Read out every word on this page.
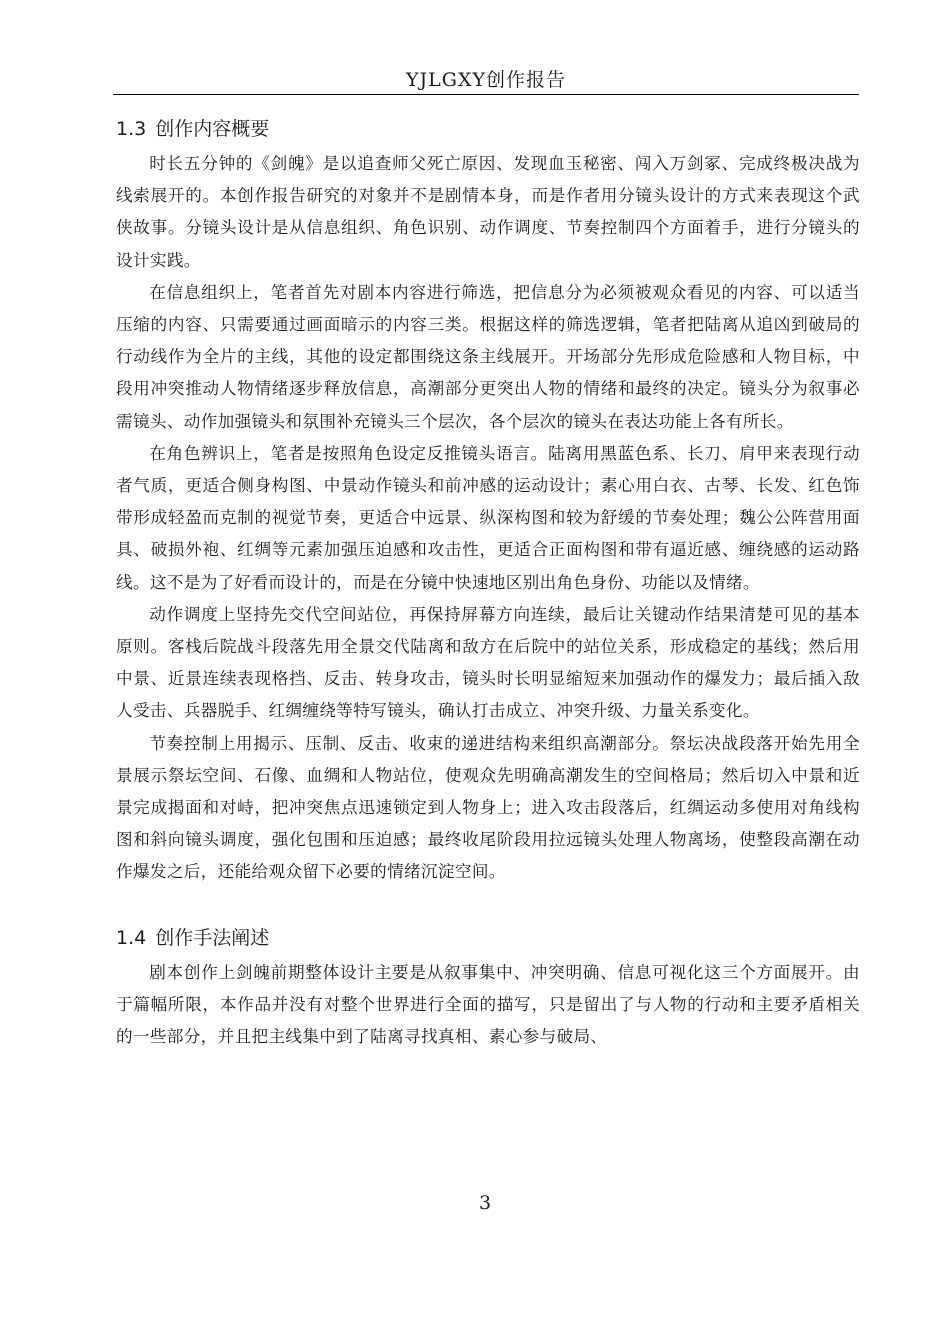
YJLGXY创作报告
1.3 创作内容概要

时长五分钟的《剑魄》是以追查师父死亡原因、发现血玉秘密、闯入万剑冢、完成终极决战为线索展开的。本创作报告研究的对象并不是剧情本身，而是作者用分镜头设计的方式来表现这个武侠故事。分镜头设计是从信息组织、角色识别、动作调度、节奏控制四个方面着手，进行分镜头的设计实践。

在信息组织上，笔者首先对剧本内容进行筛选，把信息分为必须被观众看见的内容、可以适当压缩的内容、只需要通过画面暗示的内容三类。根据这样的筛选逻辑，笔者把陆离从追凶到破局的行动线作为全片的主线，其他的设定都围绕这条主线展开。开场部分先形成危险感和人物目标，中段用冲突推动人物情绪逐步释放信息，高潮部分更突出人物的情绪和最终的决定。镜头分为叙事必需镜头、动作加强镜头和氛围补充镜头三个层次，各个层次的镜头在表达功能上各有所长。

在角色辨识上，笔者是按照角色设定反推镜头语言。陆离用黑蓝色系、长刀、肩甲来表现行动者气质，更适合侧身构图、中景动作镜头和前冲感的运动设计；素心用白衣、古琴、长发、红色饰带形成轻盈而克制的视觉节奏，更适合中远景、纵深构图和较为舒缓的节奏处理；魏公公阵营用面具、破损外袍、红绸等元素加强压迫感和攻击性，更适合正面构图和带有逼近感、缠绕感的运动路线。这不是为了好看而设计的，而是在分镜中快速地区别出角色身份、功能以及情绪。

动作调度上坚持先交代空间站位，再保持屏幕方向连续，最后让关键动作结果清楚可见的基本原则。客栈后院战斗段落先用全景交代陆离和敌方在后院中的站位关系，形成稳定的基线；然后用中景、近景连续表现格挡、反击、转身攻击，镜头时长明显缩短来加强动作的爆发力；最后插入敌人受击、兵器脱手、红绸缠绕等特写镜头，确认打击成立、冲突升级、力量关系变化。

节奏控制上用揭示、压制、反击、收束的递进结构来组织高潮部分。祭坛决战段落开始先用全景展示祭坛空间、石像、血绸和人物站位，使观众先明确高潮发生的空间格局；然后切入中景和近景完成揭面和对峙，把冲突焦点迅速锁定到人物身上；进入攻击段落后，红绸运动多使用对角线构图和斜向镜头调度，强化包围和压迫感；最终收尾阶段用拉远镜头处理人物离场，使整段高潮在动作爆发之后，还能给观众留下必要的情绪沉淀空间。

1.4 创作手法阐述

剧本创作上剑魄前期整体设计主要是从叙事集中、冲突明确、信息可视化这三个方面展开。由于篇幅所限，本作品并没有对整个世界进行全面的描写，只是留出了与人物的行动和主要矛盾相关的一些部分，并且把主线集中到了陆离寻找真相、素心参与破局、

3
